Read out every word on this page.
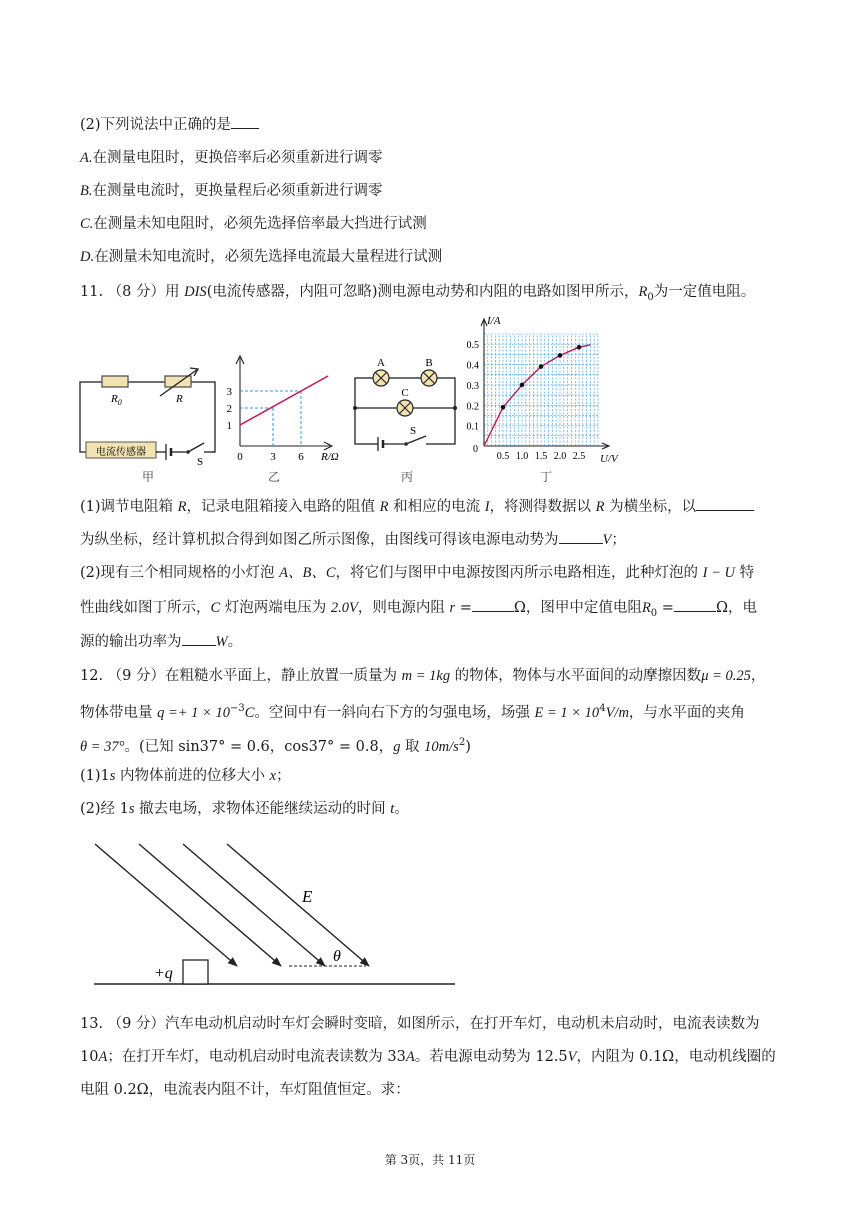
(2)下列说法中正确的是
A.在测量电阻时，更换倍率后必须重新进行调零
B.在测量电流时，更换量程后必须重新进行调零
C.在测量未知电阻时，必须先选择倍率最大挡进行试测
D.在测量未知电流时，必须先选择电流最大量程进行试测
11. （8 分）用 DIS(电流传感器，内阻可忽略)测电源电动势和内阻的电路如图甲所示，$R_0$为一定值电阻。
$R_0$	R
电流传感器
S
甲
1
2
3
0	3 6 R/Ω
乙
A	B
C
S
丙
0.1
0.2
0.3
0.4
0.5
0.5 1.0 1.5 2.0 2.5
0
I/A
U/V
丁
(1)调节电阻箱 R，记录电阻箱接入电路的阻值 R 和相应的电流 I，将测得数据以 R 为横坐标，以
为纵坐标，经计算机拟合得到如图乙所示图像，由图线可得该电源电动势为	V；
(2)现有三个相同规格的小灯泡 A、B、C，将它们与图甲中电源按图丙所示电路相连，此种灯泡的 I − U 特
性曲线如图丁所示，C 灯泡两端电压为 2.0V，则电源内阻 r =	Ω，图甲中定值电阻$R_0$ =	Ω，电
源的输出功率为 W。
12. （9 分）在粗糙水平面上，静止放置一质量为 m = 1kg 的物体，物体与水平面间的动摩擦因数μ = 0.25，
物体带电量 $q =+ 1 \times 10^{-3}C$。空间中有一斜向右下方的匀强电场，场强 $E = 1 \times 10^4V/m$，与水平面的夹角
θ = 37°。(已知 sin37° = 0.6，cos37° = 0.8，g 取 $10m/s^2$)
(1)1s 内物体前进的位移大小 x；
(2)经 1s 撤去电场，求物体还能继续运动的时间 t。
+q
E
θ
13. （9 分）汽车电动机启动时车灯会瞬时变暗，如图所示，在打开车灯，电动机未启动时，电流表读数为
10A；在打开车灯，电动机启动时电流表读数为 33A。若电源电动势为 12.5V，内阻为 0.1Ω，电动机线圈的
电阻 0.2Ω，电流表内阻不计，车灯阻值恒定。求：
第 3页，共 11页
